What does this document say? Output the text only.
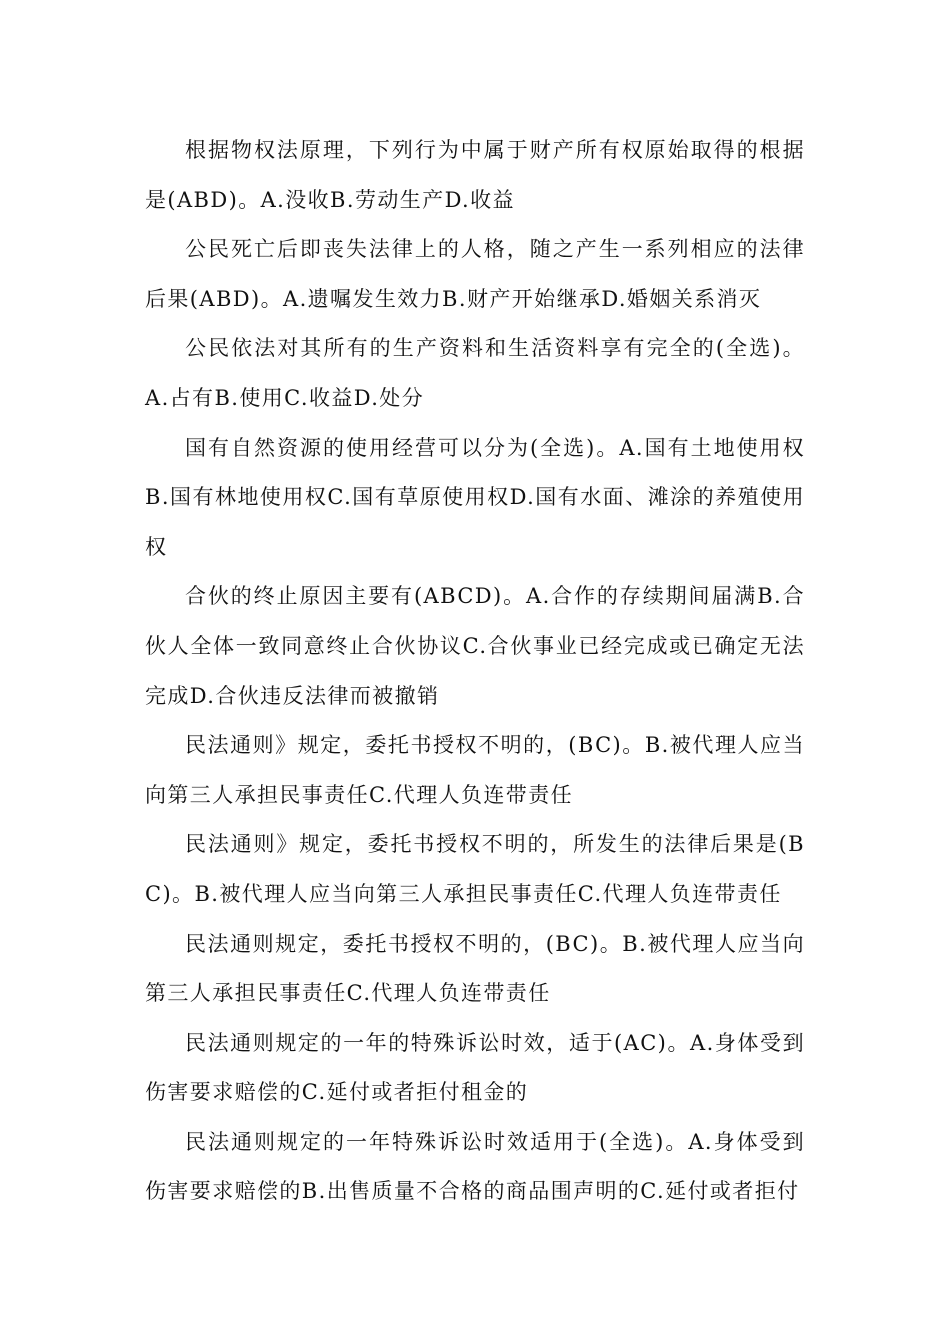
根据物权法原理，下列行为中属于财产所有权原始取得的根据是(ABD)。A.没收B.劳动生产D.收益

公民死亡后即丧失法律上的人格，随之产生一系列相应的法律后果(ABD)。A.遗嘱发生效力B.财产开始继承D.婚姻关系消灭

公民依法对其所有的生产资料和生活资料享有完全的(全选)。A.占有B.使用C.收益D.处分

国有自然资源的使用经营可以分为(全选)。A.国有土地使用权B.国有林地使用权C.国有草原使用权D.国有水面、滩涂的养殖使用权

合伙的终止原因主要有(ABCD)。A.合作的存续期间届满B.合伙人全体一致同意终止合伙协议C.合伙事业已经完成或已确定无法完成D.合伙违反法律而被撤销

民法通则》规定，委托书授权不明的，(BC)。B.被代理人应当向第三人承担民事责任C.代理人负连带责任

民法通则》规定，委托书授权不明的，所发生的法律后果是(BC)。B.被代理人应当向第三人承担民事责任C.代理人负连带责任

民法通则规定，委托书授权不明的，(BC)。B.被代理人应当向第三人承担民事责任C.代理人负连带责任

民法通则规定的一年的特殊诉讼时效，适于(AC)。A.身体受到伤害要求赔偿的C.延付或者拒付租金的

民法通则规定的一年特殊诉讼时效适用于(全选)。A.身体受到伤害要求赔偿的B.出售质量不合格的商品围声明的C.延付或者拒付
